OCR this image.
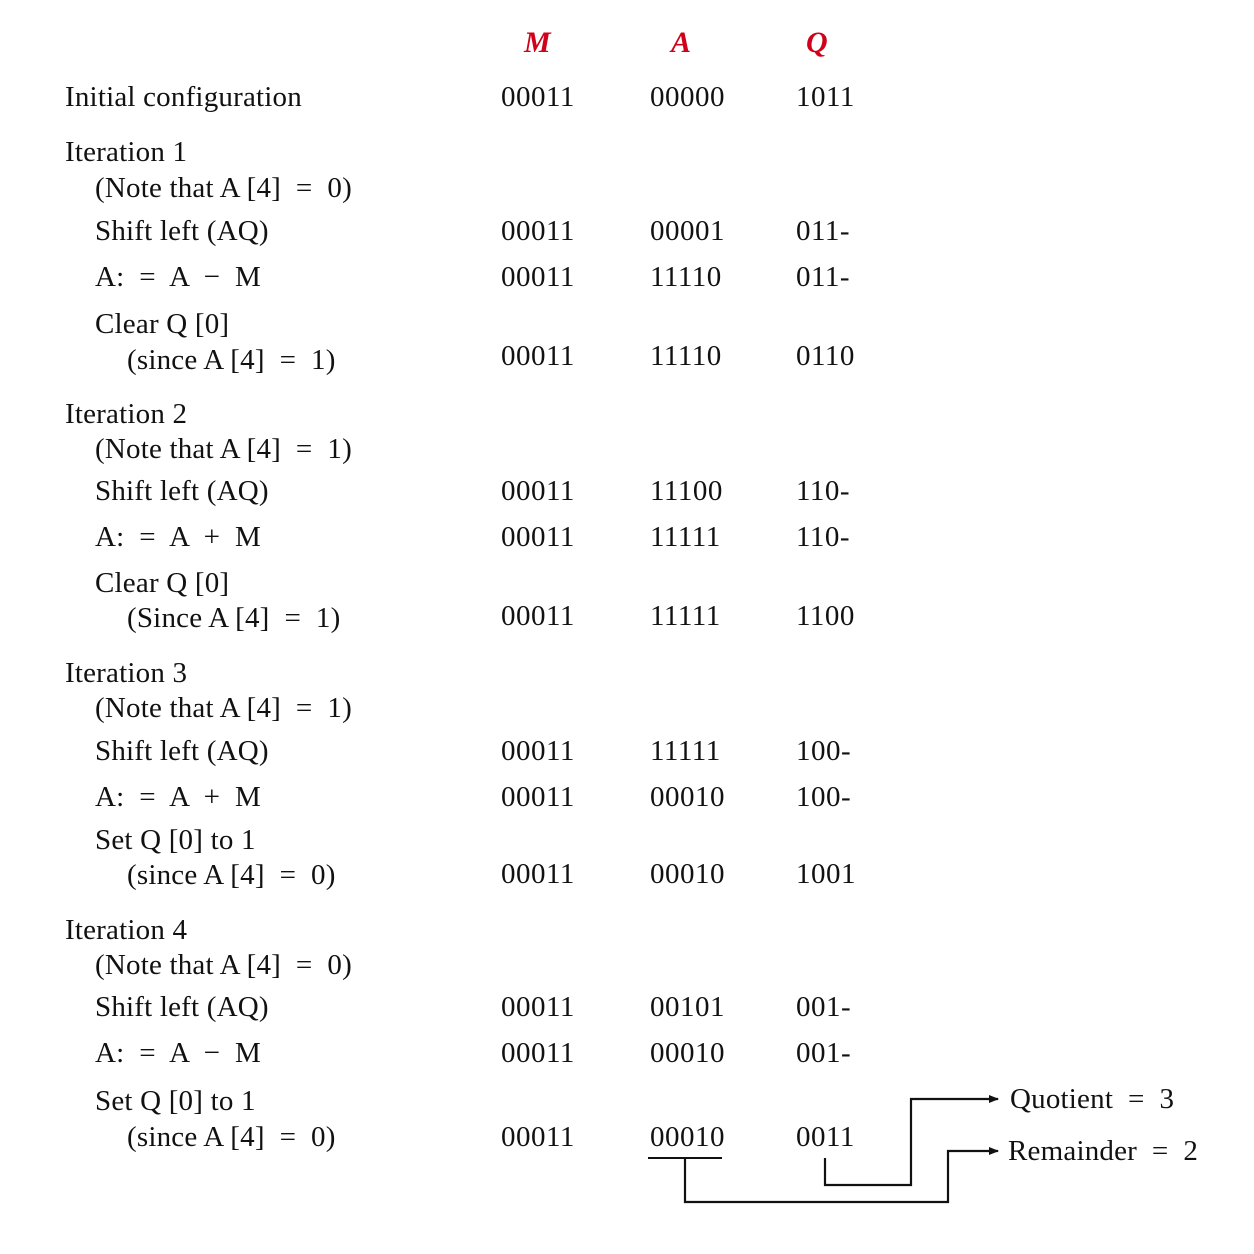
M	A	Q
Initial configuration	00011	00000 1011
Iteration 1
(Note that A [4]  =  0)
Shift left (AQ)	00011	00001 011-
A:  =  A  −  M	00011	11110	011-
Clear Q [0]
(since A [4]  =  1)	00011	11110	0110
Iteration 2
(Note that A [4]  =  1)
Shift left (AQ)	00011	11100	110-
A:  =  A  +  M	00011	11111	110-
Clear Q [0]
(Since A [4]  =  1)	00011	11111	1100
Iteration 3
(Note that A [4]  =  1)
Shift left (AQ)	00011	11111	100-
A:  =  A  +  M	00011	00010 100-
Set Q [0] to 1
(since A [4]  =  0)	00011	00010 1001
Iteration 4
(Note that A [4]  =  0)
Shift left (AQ)	00011	00101 001-
A:  =  A  −  M	00011	00010 001-
Set Q [0] to 1
(since A [4]  =  0)	00011	00010 0011
Quotient  =  3
Remainder  =  2
